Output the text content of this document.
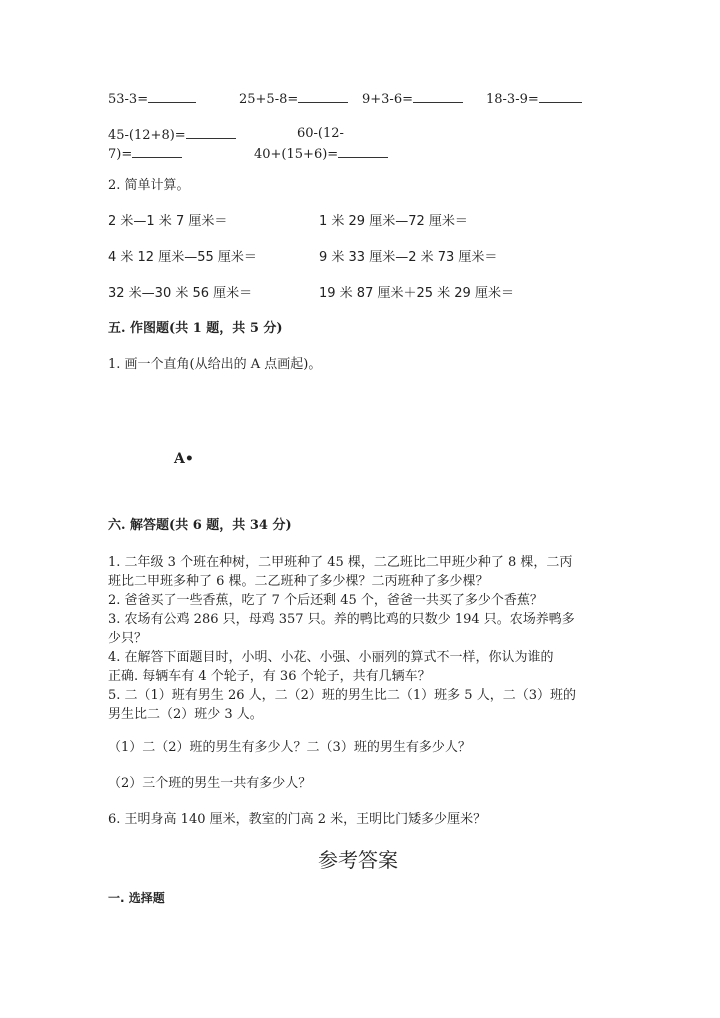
53-3=	25+5-8=	9+3-6=	18-3-9=
45-(12+8)=	60-(12-
7)=	40+(15+6)=
2. 简单计算。
2 米—1 米 7 厘米＝	1 米 29 厘米—72 厘米＝
4 米 12 厘米—55 厘米＝	9 米 33 厘米—2 米 73 厘米＝
32 米—30 米 56 厘米＝	19 米 87 厘米＋25 米 29 厘米＝
五. 作图题(共 1 题，共 5 分)
1. 画一个直角(从给出的 A 点画起)。
A•
六. 解答题(共 6 题，共 34 分)
1. 二年级 3 个班在种树，二甲班种了 45 棵，二乙班比二甲班少种了 8 棵，二丙
班比二甲班多种了 6 棵。二乙班种了多少棵？二丙班种了多少棵？
2. 爸爸买了一些香蕉，吃了 7 个后还剩 45 个，爸爸一共买了多少个香蕉？
3. 农场有公鸡 286 只，母鸡 357 只。养的鸭比鸡的只数少 194 只。农场养鸭多
少只？
4. 在解答下面题目时，小明、小花、小强、小丽列的算式不一样，你认为谁的
正确. 每辆车有 4 个轮子，有 36 个轮子，共有几辆车？
5. 二（1）班有男生 26 人，二（2）班的男生比二（1）班多 5 人，二（3）班的
男生比二（2）班少 3 人。
（1）二（2）班的男生有多少人？二（3）班的男生有多少人？
（2）三个班的男生一共有多少人？
6. 王明身高 140 厘米，教室的门高 2 米，王明比门矮多少厘米？
参考答案
一. 选择题
